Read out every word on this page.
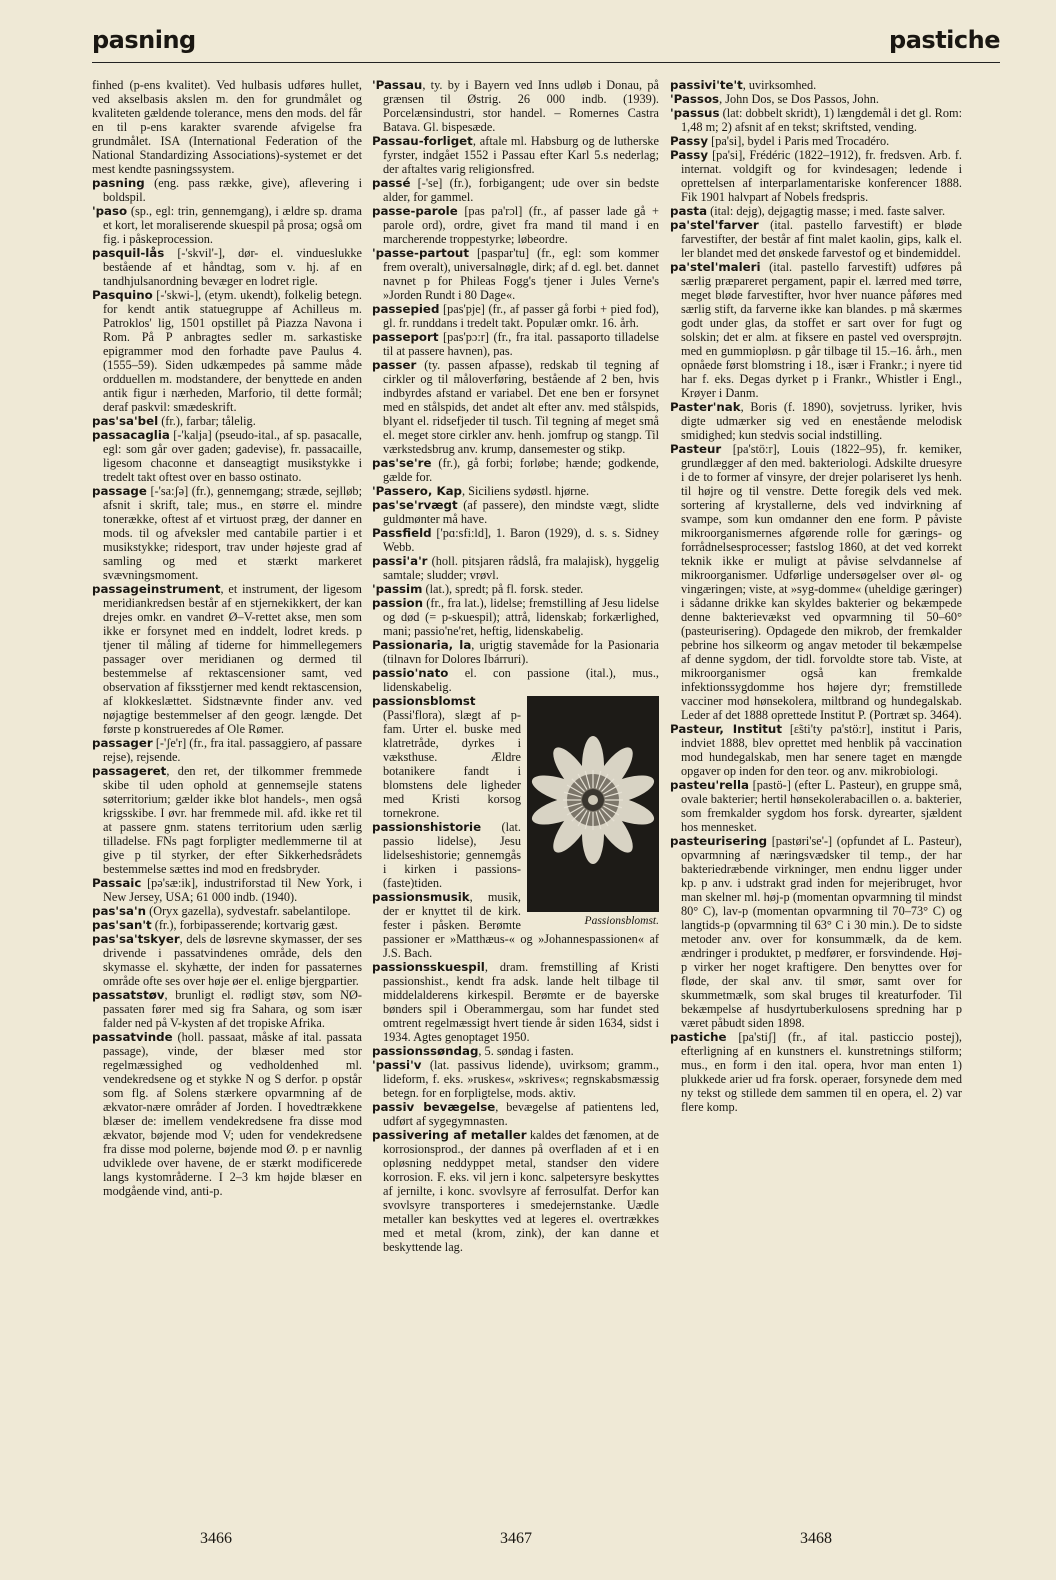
pasning	pastiche

finhed (p-ens kvalitet). Ved hulbasis udføres hullet, ved akselbasis akslen m. den for grundmålet og kvaliteten gældende tolerance, mens den mods. del får en til p-ens karakter svarende afvigelse fra grundmålet. ISA (International Federation of the National Standardizing Associations)-systemet er det mest kendte pasningssystem.

pasning (eng. pass række, give), aflevering i boldspil.

'paso (sp., egl: trin, gennemgang), i ældre sp. drama et kort, let moraliserende skuespil på prosa; også om fig. i påskeprocession.

pasquil-lås [-'skvil'-], dør- el. vindueslukke bestående af et håndtag, som v. hj. af en tandhjulsanordning bevæger en lodret rigle.

Pasquino [-'skwi-], (etym. ukendt), folkelig betegn. for kendt antik statuegruppe af Achilleus m. Patroklos' lig, 1501 opstillet på Piazza Navona i Rom. På P anbragtes sedler m. sarkastiske epigrammer mod den forhadte pave Paulus 4. (1555–59). Siden udkæmpedes på samme måde ordduellen m. modstandere, der benyttede en anden antik figur i nærheden, Marforio, til dette formål; deraf paskvil: smædeskrift.

pas'sa'bel (fr.), farbar; tålelig.

passacaglia [-'kalja] (pseudo-ital., af sp. pasacalle, egl: som går over gaden; gadevise), fr. passacaille, ligesom chaconne et danseagtigt musikstykke i tredelt takt oftest over en basso ostinato.

passage [-'sa:ʃə] (fr.), gennemgang; stræde, sejlløb; afsnit i skrift, tale; mus., en større el. mindre tonerække, oftest af et virtuost præg, der danner en mods. til og afveksler med cantabile partier i et musikstykke; ridesport, trav under højeste grad af samling og med et stærkt markeret svævningsmoment.

passageinstrument, et instrument, der ligesom meridiankredsen består af en stjernekikkert, der kan drejes omkr. en vandret Ø–V-rettet akse, men som ikke er forsynet med en inddelt, lodret kreds. p tjener til måling af tiderne for himmellegemers passager over meridianen og dermed til bestemmelse af rektascensioner samt, ved observation af fiksstjerner med kendt rektascension, af klokkeslættet. Sidstnævnte finder anv. ved nøjagtige bestemmelser af den geogr. længde. Det første p konstrueredes af Ole Rømer.

passager [-'ʃe'r] (fr., fra ital. passaggiero, af passare rejse), rejsende.

passageret, den ret, der tilkommer fremmede skibe til uden ophold at gennemsejle statens søterritorium; gælder ikke blot handels-, men også krigsskibe. I øvr. har fremmede mil. afd. ikke ret til at passere gnm. statens territorium uden særlig tilladelse. FNs pagt forpligter medlemmerne til at give p til styrker, der efter Sikkerhedsrådets bestemmelse sættes ind mod en fredsbryder.

Passaic [pə'sæ:ik], industriforstad til New York, i New Jersey, USA; 61 000 indb. (1940).

pas'sa'n (Oryx gazella), sydvestafr. sabelantilope.

pas'san't (fr.), forbipasserende; kortvarig gæst.

pas'sa'tskyer, dels de løsrevne skymasser, der ses drivende i passatvindenes område, dels den skymasse el. skyhætte, der inden for passaternes område ofte ses over høje øer el. enlige bjergpartier.

passatstøv, brunligt el. rødligt støv, som NØ-passaten fører med sig fra Sahara, og som især falder ned på V-kysten af det tropiske Afrika.

passatvinde (holl. passaat, måske af ital. passata passage), vinde, der blæser med stor regelmæssighed og vedholdenhed ml. vendekredsene og et stykke N og S derfor. p opstår som flg. af Solens stærkere opvarmning af de ækvator-nære områder af Jorden. I hovedtrækkene blæser de: imellem vendekredsene fra disse mod ækvator, bøjende mod V; uden for vendekredsene fra disse mod polerne, bøjende mod Ø. p er navnlig udviklede over havene, de er stærkt modificerede langs kystområderne. I 2–3 km højde blæser en modgående vind, anti-p.

'Passau, ty. by i Bayern ved Inns udløb i Donau, på grænsen til Østrig. 26 000 indb. (1939). Porcelænsindustri, stor handel. – Romernes Castra Batava. Gl. bispesæde.

Passau-forliget, aftale ml. Habsburg og de lutherske fyrster, indgået 1552 i Passau efter Karl 5.s nederlag; der aftaltes varig religionsfred.

passé [-'se] (fr.), forbigangent; ude over sin bedste alder, for gammel.

passe-parole [pas pa'rɔl] (fr., af passer lade gå + parole ord), ordre, givet fra mand til mand i en marcherende troppestyrke; løbeordre.

'passe-partout [paspar'tu] (fr., egl: som kommer frem overalt), universalnøgle, dirk; af d. egl. bet. dannet navnet p for Phileas Fogg's tjener i Jules Verne's »Jorden Rundt i 80 Dage«.

passepied [pas'pje] (fr., af passer gå forbi + pied fod), gl. fr. runddans i tredelt takt. Populær omkr. 16. årh.

passeport [pas'pɔ:r] (fr., fra ital. passaporto tilladelse til at passere havnen), pas.

passer (ty. passen afpasse), redskab til tegning af cirkler og til måloverføring, bestående af 2 ben, hvis indbyrdes afstand er variabel. Det ene ben er forsynet med en stålspids, det andet alt efter anv. med stålspids, blyant el. ridsefjeder til tusch. Til tegning af meget små el. meget store cirkler anv. henh. jomfrup og stangp. Til værkstedsbrug anv. krump, dansemester og stikp.

pas'se're (fr.), gå forbi; forløbe; hænde; godkende, gælde for.

'Passero, Kap, Siciliens sydøstl. hjørne.

pas'se'rvægt (af passere), den mindste vægt, slidte guldmønter må have.

Passfield ['pɑ:sfi:ld], 1. Baron (1929), d. s. s. Sidney Webb.

passi'a'r (holl. pitsjaren rådslå, fra malajisk), hyggelig samtale; sludder; vrøvl.

'passim (lat.), spredt; på fl. forsk. steder.

passion (fr., fra lat.), lidelse; fremstilling af Jesu lidelse og død (= p-skuespil); attrå, lidenskab; forkærlighed, mani; passio'ne'ret, heftig, lidenskabelig.

Passionaria, la, urigtig stavemåde for la Pasionaria (tilnavn for Dolores Ibárruri).

passio'nato el. con passione (ital.), mus., lidenskabelig.

Passionsblomst.
passionsblomst (Passi'flora), slægt af p-fam. Urter el. buske med klatretråde, dyrkes i væksthuse. Ældre botanikere fandt i blomstens dele ligheder med Kristi korsog tornekrone.

passionshistorie (lat. passio lidelse), Jesu lidelseshistorie; gennemgås i kirken i passions-(faste)tiden.

passionsmusik, musik, der er knyttet til de kirk. fester i påsken. Berømte passioner er »Matthæus-« og »Johannespassionen« af J.S. Bach.

passionsskuespil, dram. fremstilling af Kristi passionshist., kendt fra adsk. lande helt tilbage til middelalderens kirkespil. Berømte er de bayerske bønders spil i Oberammergau, som har fundet sted omtrent regelmæssigt hvert tiende år siden 1634, sidst i 1934. Agtes genoptaget 1950.

passionssøndag, 5. søndag i fasten.

'passi'v (lat. passivus lidende), uvirksom; gramm., lideform, f. eks. »ruskes«, »skrives«; regnskabsmæssig betegn. for en forpligtelse, mods. aktiv.

passiv bevægelse, bevægelse af patientens led, udført af sygegymnasten.

passivering af metaller kaldes det fænomen, at de korrosionsprod., der dannes på overfladen af et i en opløsning neddyppet metal, standser den videre korrosion. F. eks. vil jern i konc. salpetersyre beskyttes af jernilte, i konc. svovlsyre af ferrosulfat. Derfor kan svovlsyre transporteres i smedejernstanke. Uædle metaller kan beskyttes ved at legeres el. overtrækkes med et metal (krom, zink), der kan danne et beskyttende lag.

passivi'te't, uvirksomhed.

'Passos, John Dos, se Dos Passos, John.

'passus (lat: dobbelt skridt), 1) længdemål i det gl. Rom: 1,48 m; 2) afsnit af en tekst; skriftsted, vending.

Passy [pa'si], bydel i Paris med Trocadéro.

Passy [pa'si], Frédéric (1822–1912), fr. fredsven. Arb. f. internat. voldgift og for kvindesagen; ledende i oprettelsen af interparlamentariske konferencer 1888. Fik 1901 halvpart af Nobels fredspris.

pasta (ital: dejg), dejgagtig masse; i med. faste salver.

pa'stel'farver (ital. pastello farvestift) er bløde farvestifter, der består af fint malet kaolin, gips, kalk el. ler blandet med det ønskede farvestof og et bindemiddel.

pa'stel'maleri (ital. pastello farvestift) udføres på særlig præpareret pergament, papir el. lærred med tørre, meget bløde farvestifter, hvor hver nuance påføres med særlig stift, da farverne ikke kan blandes. p må skærmes godt under glas, da stoffet er sart over for fugt og solskin; det er alm. at fiksere en pastel ved oversprøjtn. med en gummiopløsn. p går tilbage til 15.–16. årh., men opnåede først blomstring i 18., især i Frankr.; i nyere tid har f. eks. Degas dyrket p i Frankr., Whistler i Engl., Krøyer i Danm.

Paster'nak, Boris (f. 1890), sovjetruss. lyriker, hvis digte udmærker sig ved en enestående melodisk smidighed; kun stedvis social indstilling.

Pasteur [pa'stö:r], Louis (1822–95), fr. kemiker, grundlægger af den med. bakteriologi. Adskilte druesyre i de to former af vinsyre, der drejer polariseret lys henh. til højre og til venstre. Dette foregik dels ved mek. sortering af krystallerne, dels ved indvirkning af svampe, som kun omdanner den ene form. P påviste mikroorganismernes afgørende rolle for gærings- og forrådnelsesprocesser; fastslog 1860, at det ved korrekt teknik ikke er muligt at påvise selvdannelse af mikroorganismer. Udførlige undersøgelser over øl- og vingæringen; viste, at »syg-domme« (uheldige gæringer) i sådanne drikke kan skyldes bakterier og bekæmpede denne bakterievækst ved opvarmning til 50–60° (pasteurisering). Opdagede den mikrob, der fremkalder pebrine hos silkeorm og angav metoder til bekæmpelse af denne sygdom, der tidl. forvoldte store tab. Viste, at mikroorganismer også kan fremkalde infektionssygdomme hos højere dyr; fremstillede vacciner mod hønsekolera, miltbrand og hundegalskab. Leder af det 1888 oprettede Institut P. (Portræt sp. 3464).

Pasteur, Institut [ɛ̃sti'ty pa'stö:r], institut i Paris, indviet 1888, blev oprettet med henblik på vaccination mod hundegalskab, men har senere taget en mængde opgaver op inden for den teor. og anv. mikrobiologi.

pasteu'rella [pastö-] (efter L. Pasteur), en gruppe små, ovale bakterier; hertil hønsekolerabacillen o. a. bakterier, som fremkalder sygdom hos forsk. dyrearter, sjældent hos mennesket.

pasteurisering [pastøri'se'-] (opfundet af L. Pasteur), opvarmning af næringsvædsker til temp., der har bakteriedræbende virkninger, men endnu ligger under kp. p anv. i udstrakt grad inden for mejeribruget, hvor man skelner ml. høj-p (momentan opvarmning til mindst 80° C), lav-p (momentan opvarmning til 70–73° C) og langtids-p (opvarmning til 63° C i 30 min.). De to sidste metoder anv. over for konsummælk, da de kem. ændringer i produktet, p medfører, er forsvindende. Høj-p virker her noget kraftigere. Den benyttes over for fløde, der skal anv. til smør, samt over for skummetmælk, som skal bruges til kreaturfoder. Til bekæmpelse af husdyrtuberkulosens spredning har p været påbudt siden 1898.

pastiche [pa'stiʃ] (fr., af ital. pasticcio postej), efterligning af en kunstners el. kunstretnings stilform; mus., en form i den ital. opera, hvor man enten 1) plukkede arier ud fra forsk. operaer, forsynede dem med ny tekst og stillede dem sammen til en opera, el. 2) var flere komp.

3466	3467	3468
